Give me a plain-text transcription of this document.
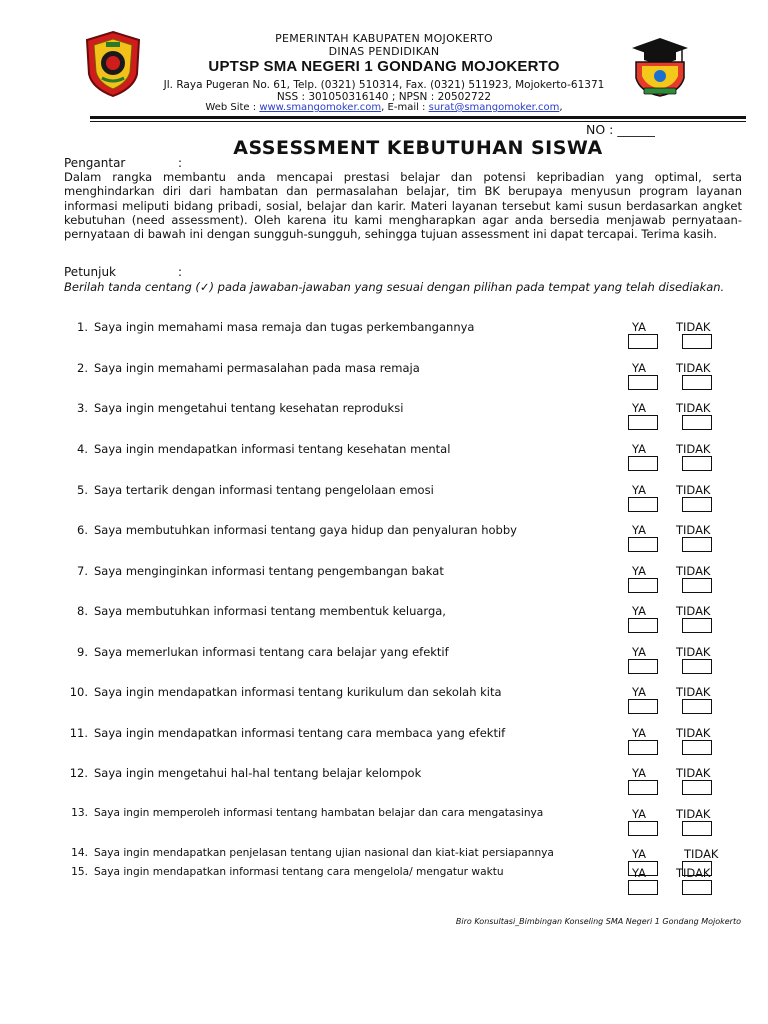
PEMERINTAH KABUPATEN MOJOKERTO
DINAS PENDIDIKAN
UPTSP SMA NEGERI 1 GONDANG MOJOKERTO
Jl. Raya Pugeran No. 61, Telp. (0321) 510314, Fax. (0321) 511923, Mojokerto-61371
NSS : 301050316140 ; NPSN : 20502722
Web Site : www.smangomoker.com, E-mail : surat@smangomoker.com,
NO : ______
ASSESSMENT KEBUTUHAN SISWA
Pengantar	:
Dalam rangka membantu anda mencapai prestasi belajar dan potensi kepribadian yang optimal, serta menghindarkan diri dari hambatan dan permasalahan belajar, tim BK berupaya menyusun program layanan informasi meliputi bidang pribadi, sosial, belajar dan karir. Materi layanan tersebut kami susun berdasarkan angket kebutuhan (need assessment). Oleh karena itu kami mengharapkan agar anda bersedia menjawab pernyataan-pernyataan di bawah ini dengan sungguh-sungguh, sehingga tujuan assessment ini dapat tercapai. Terima kasih.
Petunjuk	:
Berilah tanda centang (✓) pada jawaban-jawaban yang sesuai dengan pilihan pada tempat yang telah disediakan.
1. Saya ingin memahami masa remaja dan tugas perkembangannya	YA	TIDAK
2. Saya ingin memahami permasalahan pada masa remaja	YA	TIDAK
3. Saya ingin mengetahui tentang kesehatan reproduksi	YA	TIDAK
4. Saya ingin mendapatkan informasi tentang kesehatan mental	YA	TIDAK
5. Saya tertarik dengan informasi tentang pengelolaan emosi	YA	TIDAK
6. Saya membutuhkan informasi tentang gaya hidup dan penyaluran hobby	YA	TIDAK
7. Saya menginginkan informasi tentang pengembangan bakat	YA	TIDAK
8. Saya membutuhkan informasi tentang membentuk keluarga,	YA	TIDAK
9. Saya memerlukan informasi tentang cara belajar yang efektif	YA	TIDAK
10. Saya ingin mendapatkan informasi tentang kurikulum dan sekolah kita	YA	TIDAK
11. Saya ingin mendapatkan informasi tentang cara membaca yang efektif	YA	TIDAK
12. Saya ingin mengetahui hal-hal tentang belajar kelompok	YA	TIDAK
13. Saya ingin memperoleh informasi tentang hambatan belajar dan cara mengatasinya	YA	TIDAK
14. Saya ingin mendapatkan penjelasan tentang ujian nasional dan kiat-kiat persiapannya	YA	TIDAK
15. Saya ingin mendapatkan informasi tentang cara mengelola/ mengatur waktu	YA	TIDAK
Biro Konsultasi_Bimbingan Konseling SMA Negeri 1 Gondang Mojokerto
